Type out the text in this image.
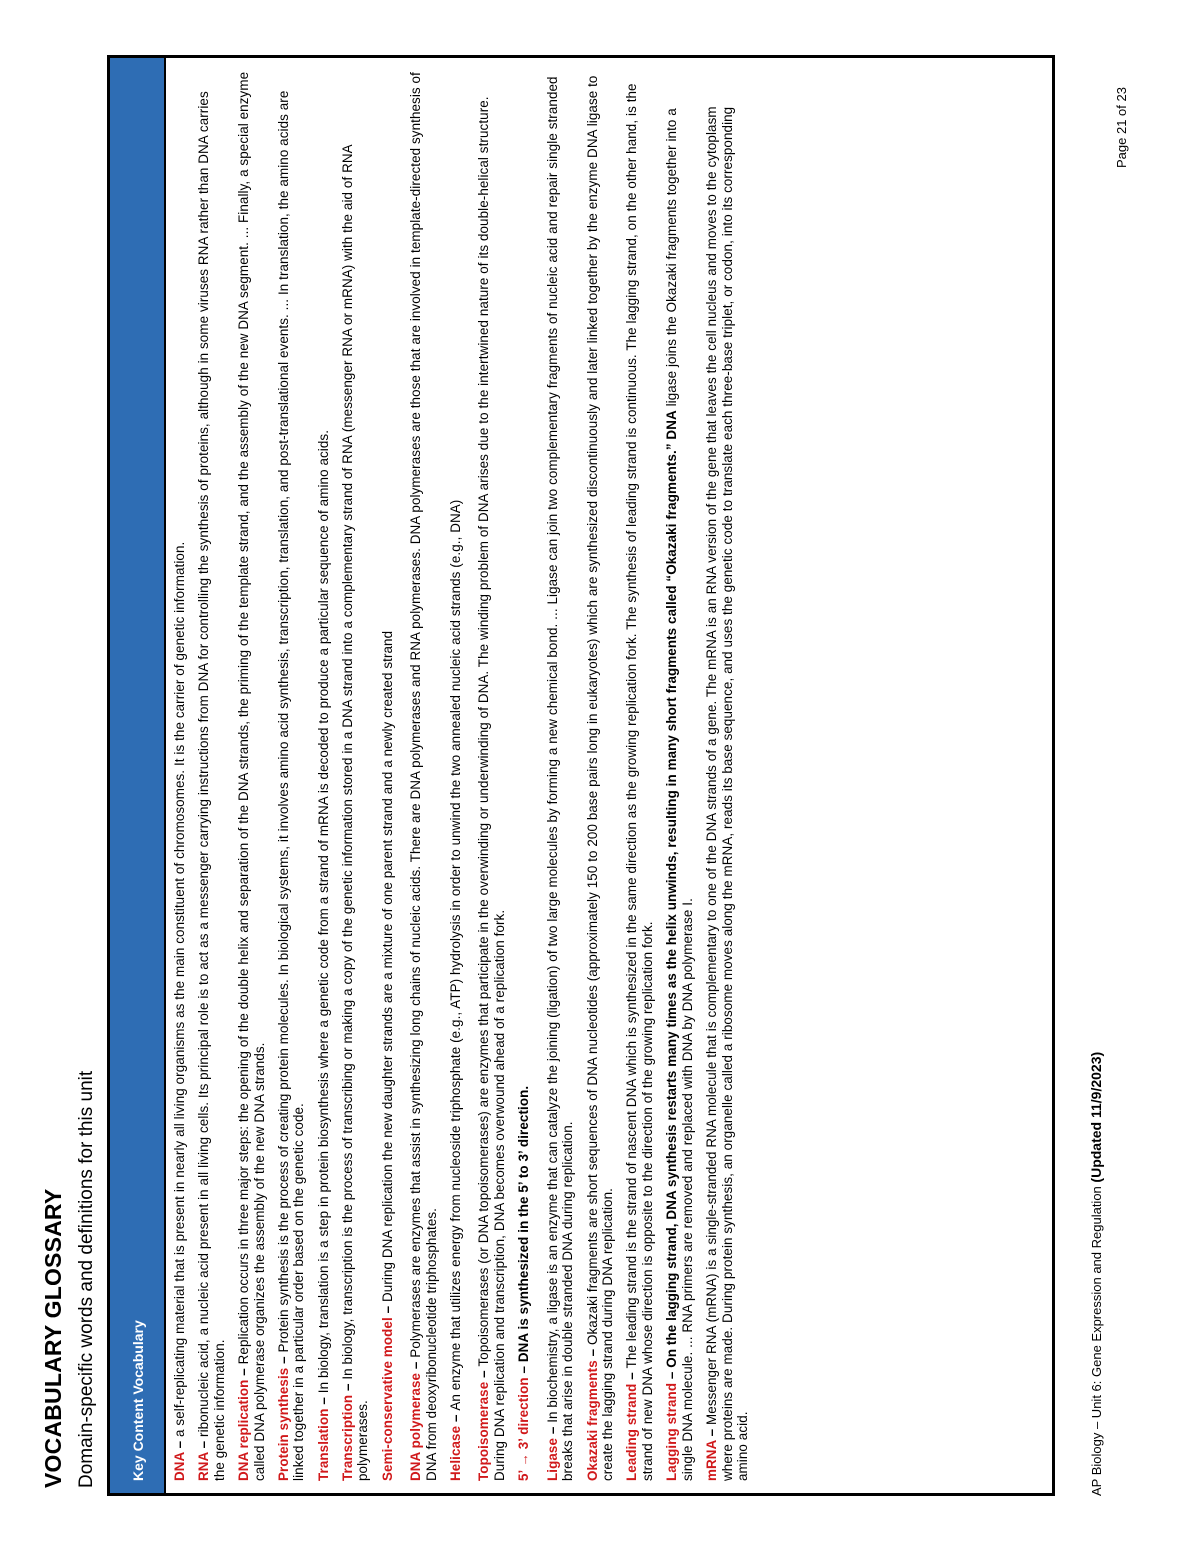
VOCABULARY GLOSSARY Domain-specific words and definitions for this unit	Key Content Vocabulary	DNA – a self-replicating material that is present in nearly all living organisms as the main constituent of chromosomes. It is the carrier of genetic information.
RNA – ribonucleic acid, a nucleic acid present in all living cells. Its principal role is to act as a messenger carrying instructions from DNA for controlling the synthesis of proteins, although in some viruses RNA rather than DNA carries the genetic information. DNA replication – Replication occurs in three major steps: the opening of the double helix and separation of the DNA strands, the priming of the template strand, and the assembly of the new DNA segment. ... Finally, a special enzyme called DNA polymerase organizes the assembly of the new DNA strands. Protein synthesis – Protein synthesis is the process of creating protein molecules. In biological systems, it involves amino acid synthesis, transcription, translation, and post-translational events. ... In translation, the amino acids are linked together in a particular order based on the genetic code. Translation – In biology, translation is a step in protein biosynthesis where a genetic code from a strand of mRNA is decoded to produce a particular sequence of amino acids.
Transcription – In biology, transcription is the process of transcribing or making a copy of the genetic information stored in a DNA strand into a complementary strand of RNA (messenger RNA or mRNA) with the aid of RNA polymerases. Semi-conservative model – During DNA replication the new daughter strands are a mixture of one parent strand and a newly created strand
DNA polymerase – Polymerases are enzymes that assist in synthesizing long chains of nucleic acids. There are DNA polymerases and RNA polymerases. DNA polymerases are those that are involved in template-directed synthesis of DNA from deoxyribonucleotide triphosphates. Helicase – An enzyme that utilizes energy from nucleoside triphosphate (e.g., ATP) hydrolysis in order to unwind the two annealed nucleic acid strands (e.g., DNA)
Topoisomerase – Topoisomerases (or DNA topoisomerases) are enzymes that participate in the overwinding or underwinding of DNA. The winding problem of DNA arises due to the intertwined nature of its double-helical structure. During DNA replication and transcription, DNA becomes overwound ahead of a replication fork. 5’ → 3’ direction – DNA is synthesized in the 5’ to 3’ direction.
Ligase – In biochemistry, a ligase is an enzyme that can catalyze the joining (ligation) of two large molecules by forming a new chemical bond. ... Ligase can join two complementary fragments of nucleic acid and repair single stranded breaks that arise in double stranded DNA during replication. Okazaki fragments – Okazaki fragments are short sequences of DNA nucleotides (approximately 150 to 200 base pairs long in eukaryotes) which are synthesized discontinuously and later linked together by the enzyme DNA ligase to create the lagging strand during DNA replication. Leading strand – The leading strand is the strand of nascent DNA which is synthesized in the same direction as the growing replication fork. The synthesis of leading strand is continuous. The lagging strand, on the other hand, is the strand of new DNA whose direction is opposite to the direction of the growing replication fork. Lagging strand – On the lagging strand, DNA synthesis restarts many times as the helix unwinds, resulting in many short fragments called “Okazaki fragments.” DNA ligase joins the Okazaki fragments together into a single DNA molecule. ... RNA primers are removed and replaced with DNA by DNA polymerase I. mRNA – Messenger RNA (mRNA) is a single-stranded RNA molecule that is complementary to one of the DNA strands of a gene. The mRNA is an RNA version of the gene that leaves the cell nucleus and moves to the cytoplasm where proteins are made. During protein synthesis, an organelle called a ribosome moves along the mRNA, reads its base sequence, and uses the genetic code to translate each three-base triplet, or codon, into its corresponding amino acid.	AP Biology – Unit 6: Gene Expression and Regulation (Updated 11/9/2023)
Page 21 of 23
